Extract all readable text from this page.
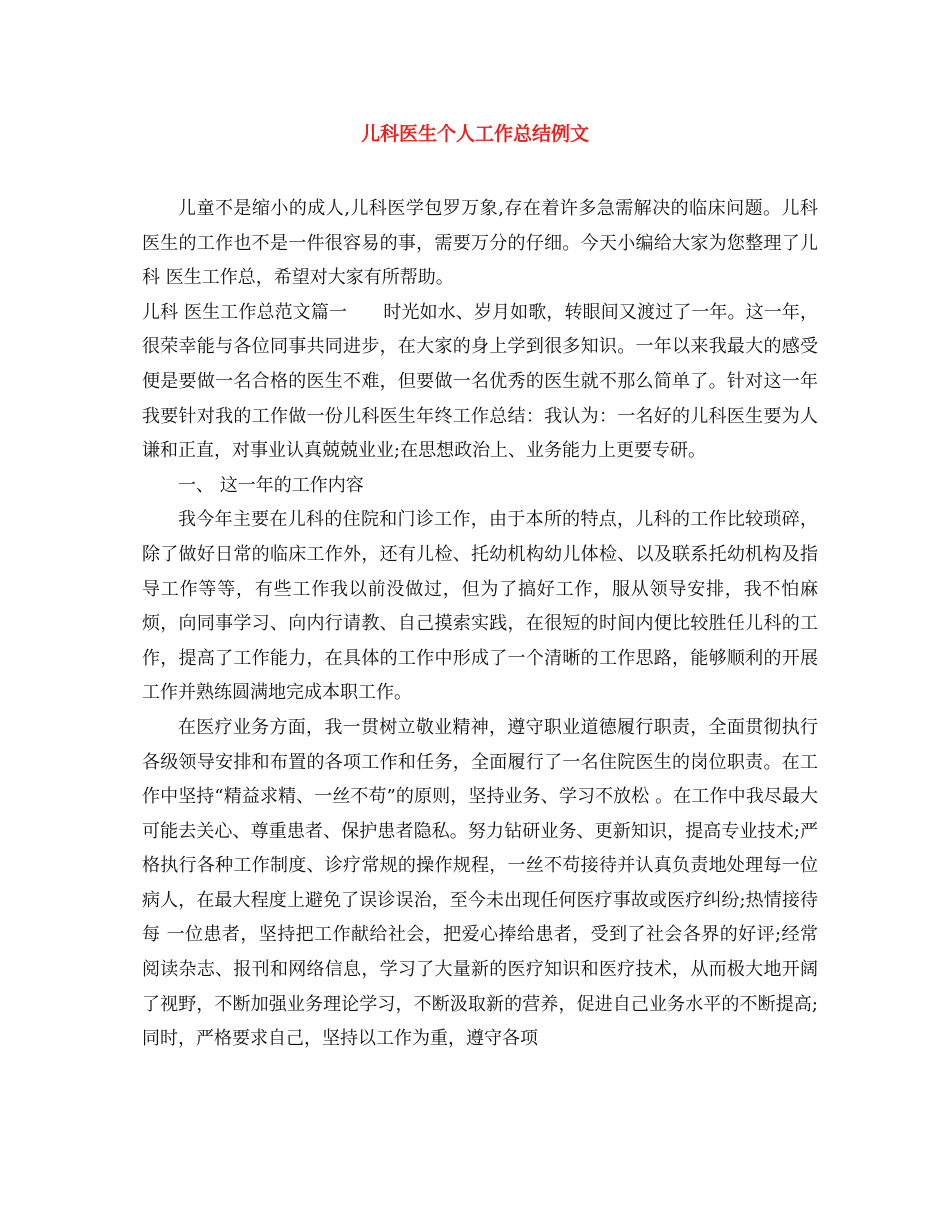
儿科医生个人工作总结例文

儿童不是缩小的成人,儿科医学包罗万象,存在着许多急需解决的临床问题。儿科医生的工作也不是一件很容易的事，需要万分的仔细。今天小编给大家为您整理了儿科 医生工作总，希望对大家有所帮助。

儿科 医生工作总范文篇一　　时光如水、岁月如歌，转眼间又渡过了一年。这一年，很荣幸能与各位同事共同进步，在大家的身上学到很多知识。一年以来我最大的感受便是要做一名合格的医生不难，但要做一名优秀的医生就不那么简单了。针对这一年我要针对我的工作做一份儿科医生年终工作总结：我认为：一名好的儿科医生要为人谦和正直，对事业认真兢兢业业;在思想政治上、业务能力上更要专研。

一、 这一年的工作内容

我今年主要在儿科的住院和门诊工作，由于本所的特点，儿科的工作比较琐碎，除了做好日常的临床工作外，还有儿检、托幼机构幼儿体检、以及联系托幼机构及指导工作等等，有些工作我以前没做过，但为了搞好工作，服从领导安排，我不怕麻烦，向同事学习、向内行请教、自己摸索实践，在很短的时间内便比较胜任儿科的工作，提高了工作能力，在具体的工作中形成了一个清晰的工作思路，能够顺利的开展工作并熟练圆满地完成本职工作。

在医疗业务方面，我一贯树立敬业精神，遵守职业道德履行职责，全面贯彻执行各级领导安排和布置的各项工作和任务，全面履行了一名住院医生的岗位职责。在工作中坚持“精益求精、一丝不苟”的原则，坚持业务、学习不放松 。在工作中我尽最大可能去关心、尊重患者、保护患者隐私。努力钻研业务、更新知识，提高专业技术;严格执行各种工作制度、诊疗常规的操作规程，一丝不苟接待并认真负责地处理每一位病人，在最大程度上避免了误诊误治，至今未出现任何医疗事故或医疗纠纷;热情接待每 一位患者，坚持把工作献给社会，把爱心捧给患者，受到了社会各界的好评;经常阅读杂志、报刊和网络信息，学习了大量新的医疗知识和医疗技术，从而极大地开阔了视野，不断加强业务理论学习，不断汲取新的营养，促进自己业务水平的不断提高;同时，严格要求自己，坚持以工作为重，遵守各项
